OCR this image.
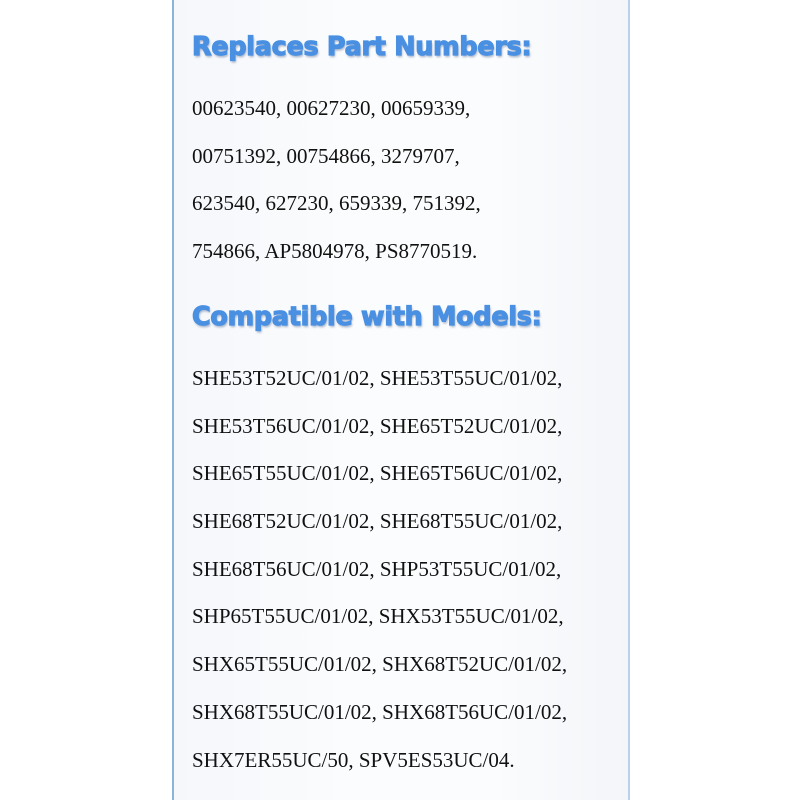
Replaces Part Numbers:
00623540, 00627230, 00659339,
00751392, 00754866, 3279707,
623540, 627230, 659339, 751392,
754866, AP5804978, PS8770519.
Compatible with Models:
SHE53T52UC/01/02, SHE53T55UC/01/02,
SHE53T56UC/01/02, SHE65T52UC/01/02,
SHE65T55UC/01/02, SHE65T56UC/01/02,
SHE68T52UC/01/02, SHE68T55UC/01/02,
SHE68T56UC/01/02, SHP53T55UC/01/02,
SHP65T55UC/01/02, SHX53T55UC/01/02,
SHX65T55UC/01/02, SHX68T52UC/01/02,
SHX68T55UC/01/02, SHX68T56UC/01/02,
SHX7ER55UC/50, SPV5ES53UC/04.
